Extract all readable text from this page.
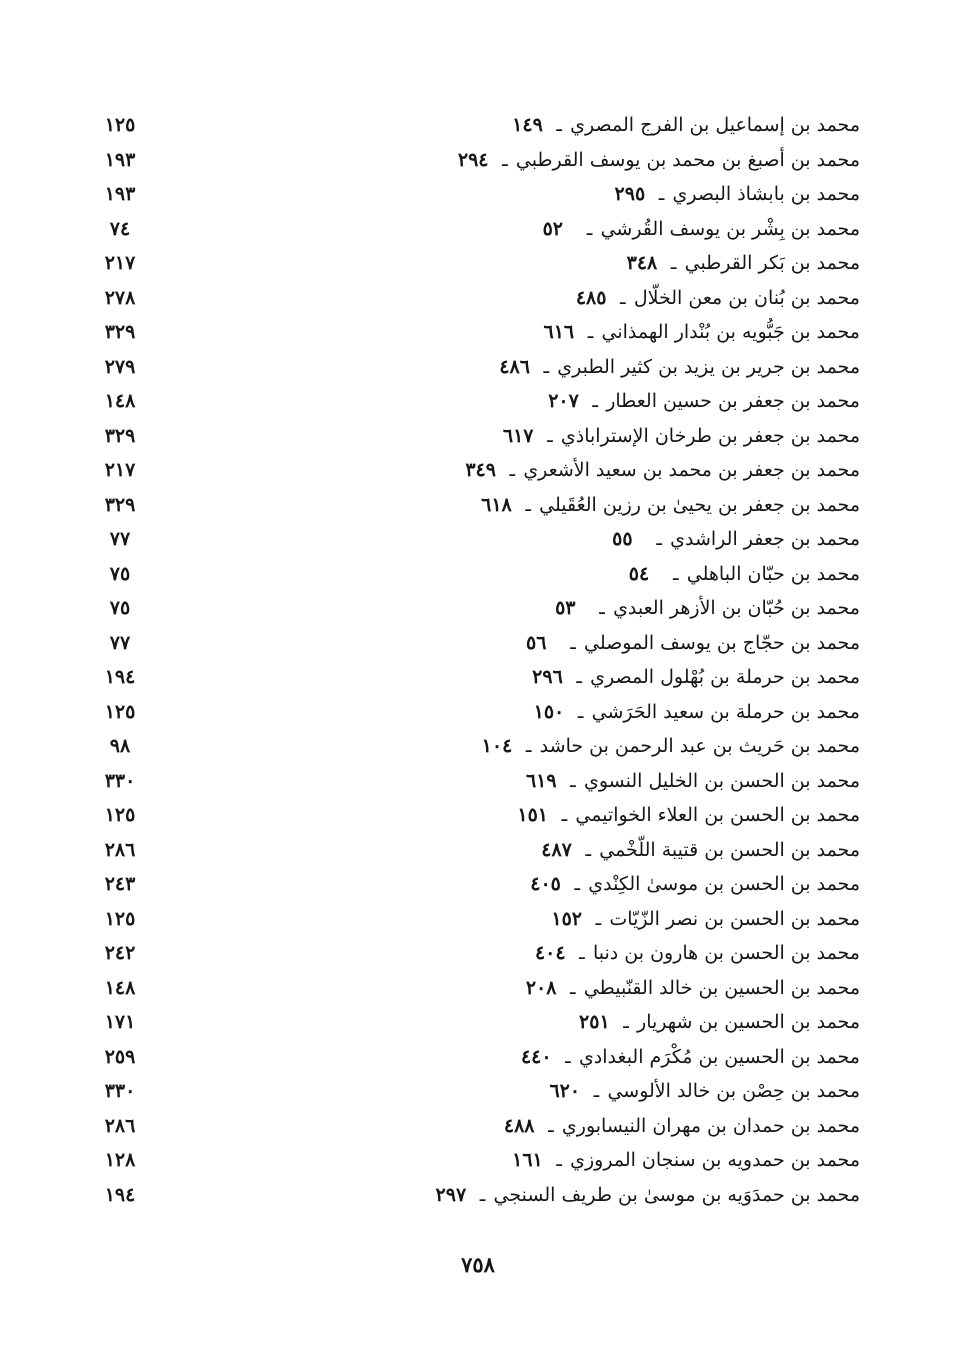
١٢٥	١٤٩ ـ محمد بن إسماعيل بن الفرج المصري
١٩٣	٢٩٤ ـ محمد بن أصبغ بن محمد بن يوسف القرطبي
١٩٣	٢٩٥ ـ محمد بن بابشاذ البصري
٧٤	٥٢	ـ محمد بن بِشْر بن يوسف القُرشي
٢١٧	٣٤٨ ـ محمد بن بَكر القرطبي
٢٧٨	٤٨٥ ـ محمد بن بُنان بن معن الخلّال
٣٢٩	٦١٦ ـ محمد بن جَبُّويه بن بُنْدار الهمذاني
٢٧٩	٤٨٦ ـ محمد بن جرير بن يزيد بن كثير الطبري
١٤٨	٢٠٧ ـ محمد بن جعفر بن حسين العطار
٣٢٩	٦١٧ ـ محمد بن جعفر بن طرخان الإستراباذي
٢١٧	٣٤٩ ـ محمد بن جعفر بن محمد بن سعيد الأشعري
٣٢٩	٦١٨ ـ محمد بن جعفر بن يحيىٰ بن رزين العُقَيلي
٧٧	٥٥	ـ محمد بن جعفر الراشدي
٧٥	٥٤	ـ محمد بن حبّان الباهلي
٧٥	٥٣	ـ محمد بن حُبّان بن الأزهر العبدي
٧٧	٥٦	ـ محمد بن حجّاج بن يوسف الموصلي
١٩٤	٢٩٦ ـ محمد بن حرملة بن بُهْلول المصري
١٢٥	١٥٠ ـ محمد بن حرملة بن سعيد الحَرَشي
٩٨	١٠٤ ـ محمد بن حَريث بن عبد الرحمن بن حاشد
٣٣٠	٦١٩ ـ محمد بن الحسن بن الخليل النسوي
١٢٥	١٥١ ـ محمد بن الحسن بن العلاء الخواتيمي
٢٨٦	٤٨٧ ـ محمد بن الحسن بن قتيبة اللّخْمي
٢٤٣	٤٠٥ ـ محمد بن الحسن بن موسىٰ الكِنْدي
١٢٥	١٥٢ ـ محمد بن الحسن بن نصر الزّيّات
٢٤٢	٤٠٤ ـ محمد بن الحسن بن هارون بن دنبا
١٤٨	٢٠٨ ـ محمد بن الحسين بن خالد القنّبيطي
١٧١	٢٥١ ـ محمد بن الحسين بن شهريار
٢٥٩	٤٤٠ ـ محمد بن الحسين بن مُكْرَم البغدادي
٣٣٠	٦٢٠ ـ محمد بن حِصْن بن خالد الألوسي
٢٨٦	٤٨٨ ـ محمد بن حمدان بن مهران النيسابوري
١٢٨	١٦١ ـ محمد بن حمدويه بن سنجان المروزي
١٩٤	٢٩٧ ـ محمد بن حمدَوَيه بن موسىٰ بن طريف السنجي
٧٥٨
